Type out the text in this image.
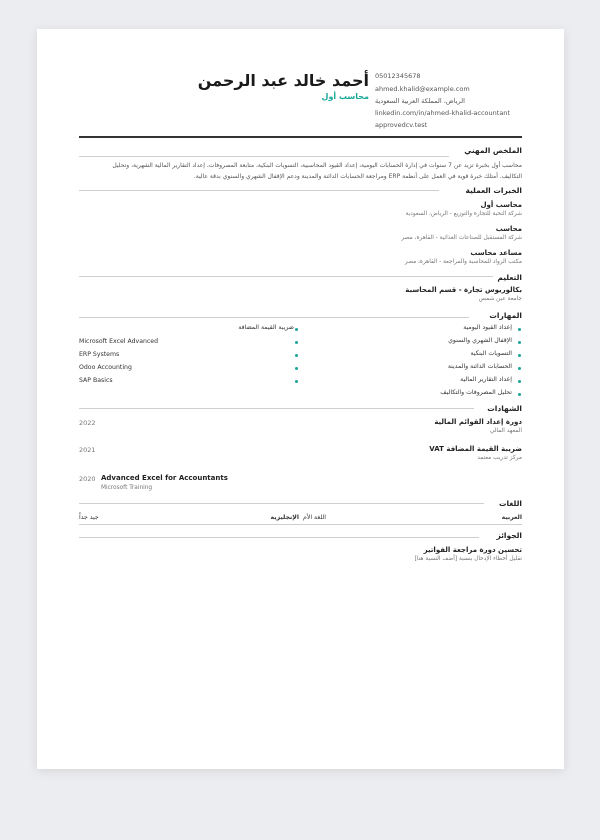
أحمد خالد عبد الرحمن
محاسب أول
05012345678
ahmed.khalid@example.com
الرياض، المملكة العربية السعودية
linkedin.com/in/ahmed-khalid-accountant
approvedcv.test
الملخص المهني
محاسب أول بخبرة تزيد عن 7 سنوات في إدارة الحسابات اليومية، إعداد القيود المحاسبية، التسويات البنكية، متابعة المصروفات، إعداد التقارير المالية الشهرية، وتحليل
التكاليف. أمتلك خبرة قوية في العمل على أنظمة ERP ومراجعة الحسابات الدائنة والمدينة ودعم الإقفال الشهري والسنوي بدقة عالية.
الخبرات العملية
محاسب أول
شركة النخبة للتجارة والتوزيع - الرياض، السعودية
محاسب
شركة المستقبل للصناعات الغذائية - القاهرة، مصر
مساعد محاسب
مكتب الرواد للمحاسبة والمراجعة - القاهرة، مصر
التعليم
بكالوريوس تجارة - قسم المحاسبة
جامعة عين شمس
المهارات
ضريبة القيمة المضافة
Microsoft Excel Advanced
ERP Systems
Odoo Accounting
SAP Basics
الشهادات
2022	دورة إعداد القوائم المالية
المعهد المالي
2021	ضريبة القيمة المضافة VAT
مركز تدريب معتمد
2020 Advanced Excel for Accountants
Microsoft Training
اللغات
العربية
اللغة الأم
الإنجليزية
جيد جداً
الجوائز
تحسين دورة مراجعة الفواتير
تقليل أخطاء الإدخال بنسبة [أضف النسبة هنا]
إعداد القيود اليومية
الإقفال الشهري والسنوي
التسويات البنكية
الحسابات الدائنة والمدينة
إعداد التقارير المالية
تحليل المصروفات والتكاليف
